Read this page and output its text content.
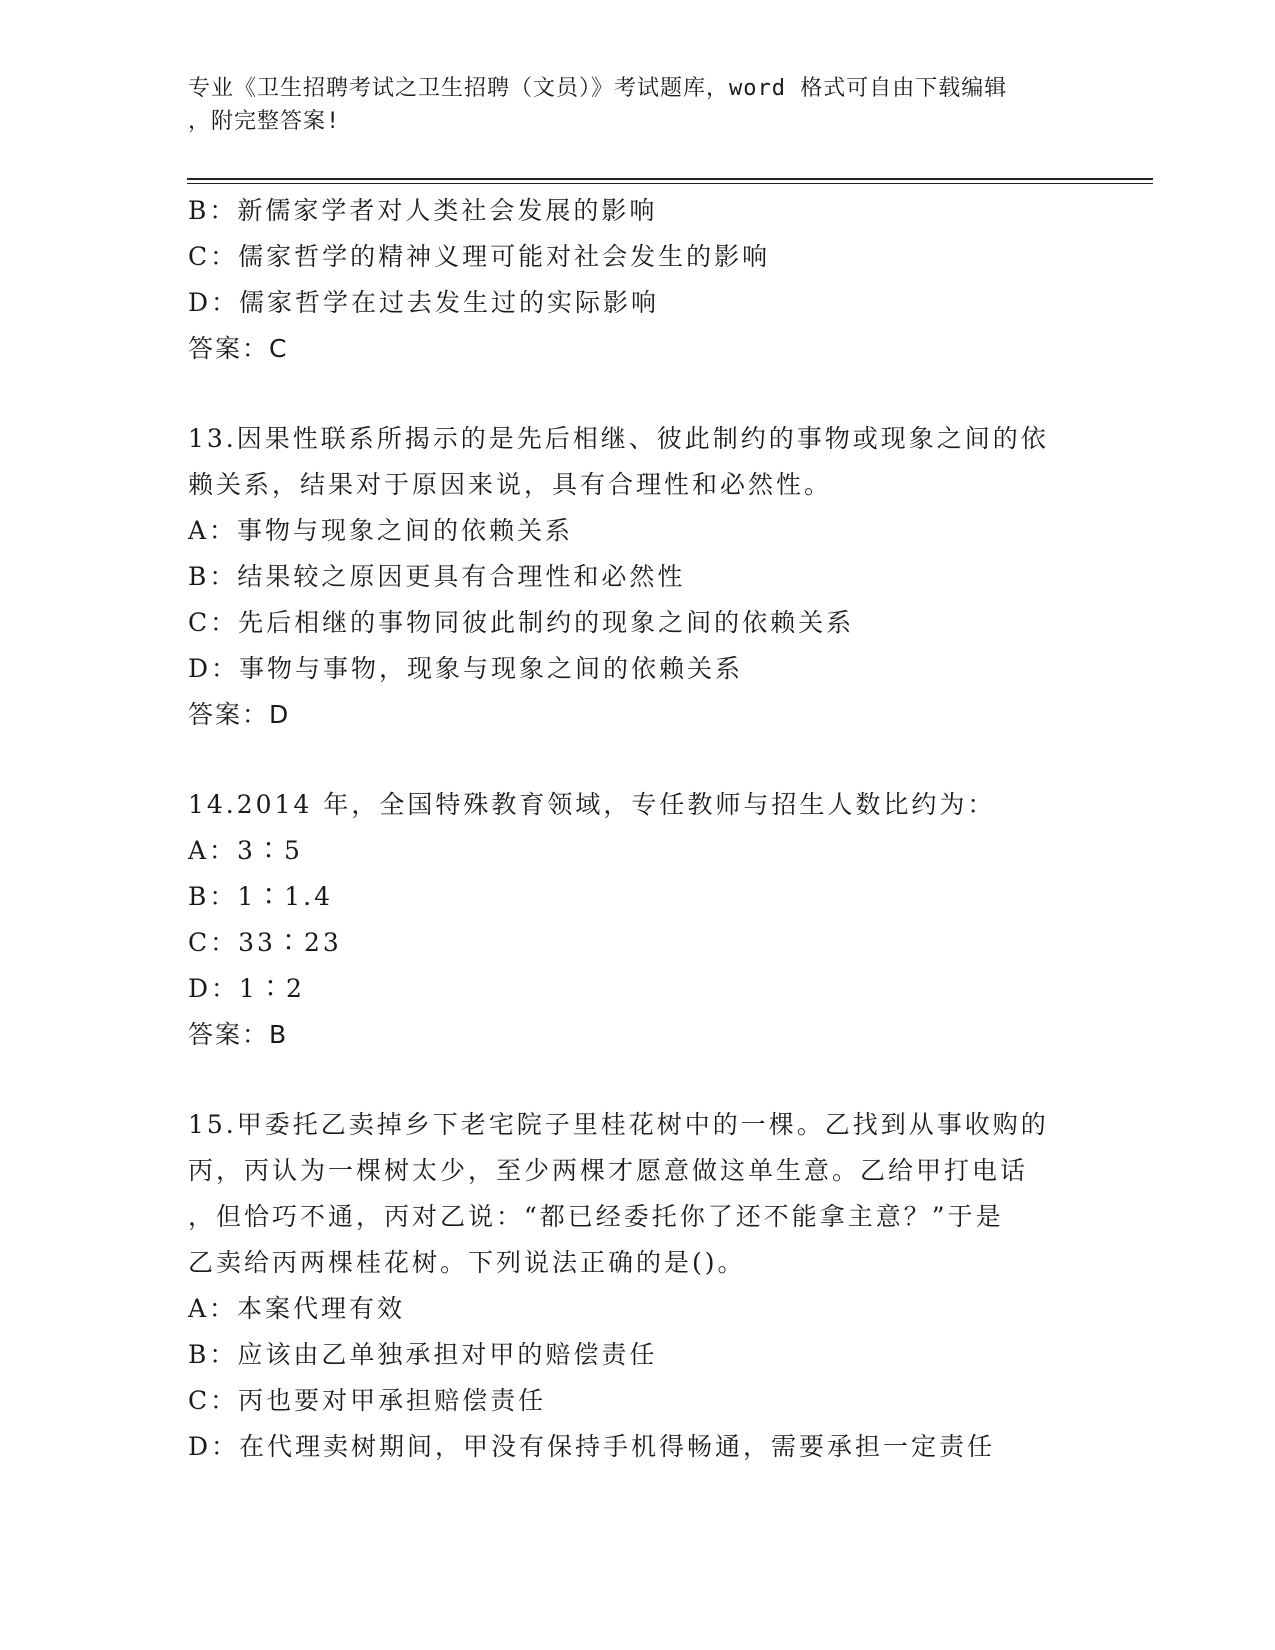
专业《卫生招聘考试之卫生招聘（文员）》考试题库，word 格式可自由下载编辑
，附完整答案!
B：新儒家学者对人类社会发展的影响
C：儒家哲学的精神义理可能对社会发生的影响
D：儒家哲学在过去发生过的实际影响
答案：C
13.因果性联系所揭示的是先后相继、彼此制约的事物或现象之间的依
赖关系，结果对于原因来说，具有合理性和必然性。
A：事物与现象之间的依赖关系
B：结果较之原因更具有合理性和必然性
C：先后相继的事物同彼此制约的现象之间的依赖关系
D：事物与事物，现象与现象之间的依赖关系
答案：D
14.2014 年，全国特殊教育领域，专任教师与招生人数比约为：
A：3∶5
B：1∶1.4
C：33∶23
D：1∶2
答案：B
15.甲委托乙卖掉乡下老宅院子里桂花树中的一棵。乙找到从事收购的
丙，丙认为一棵树太少，至少两棵才愿意做这单生意。乙给甲打电话
，但恰巧不通，丙对乙说：“都已经委托你了还不能拿主意？”于是
乙卖给丙两棵桂花树。下列说法正确的是()。
A：本案代理有效
B：应该由乙单独承担对甲的赔偿责任
C：丙也要对甲承担赔偿责任
D：在代理卖树期间，甲没有保持手机得畅通，需要承担一定责任
